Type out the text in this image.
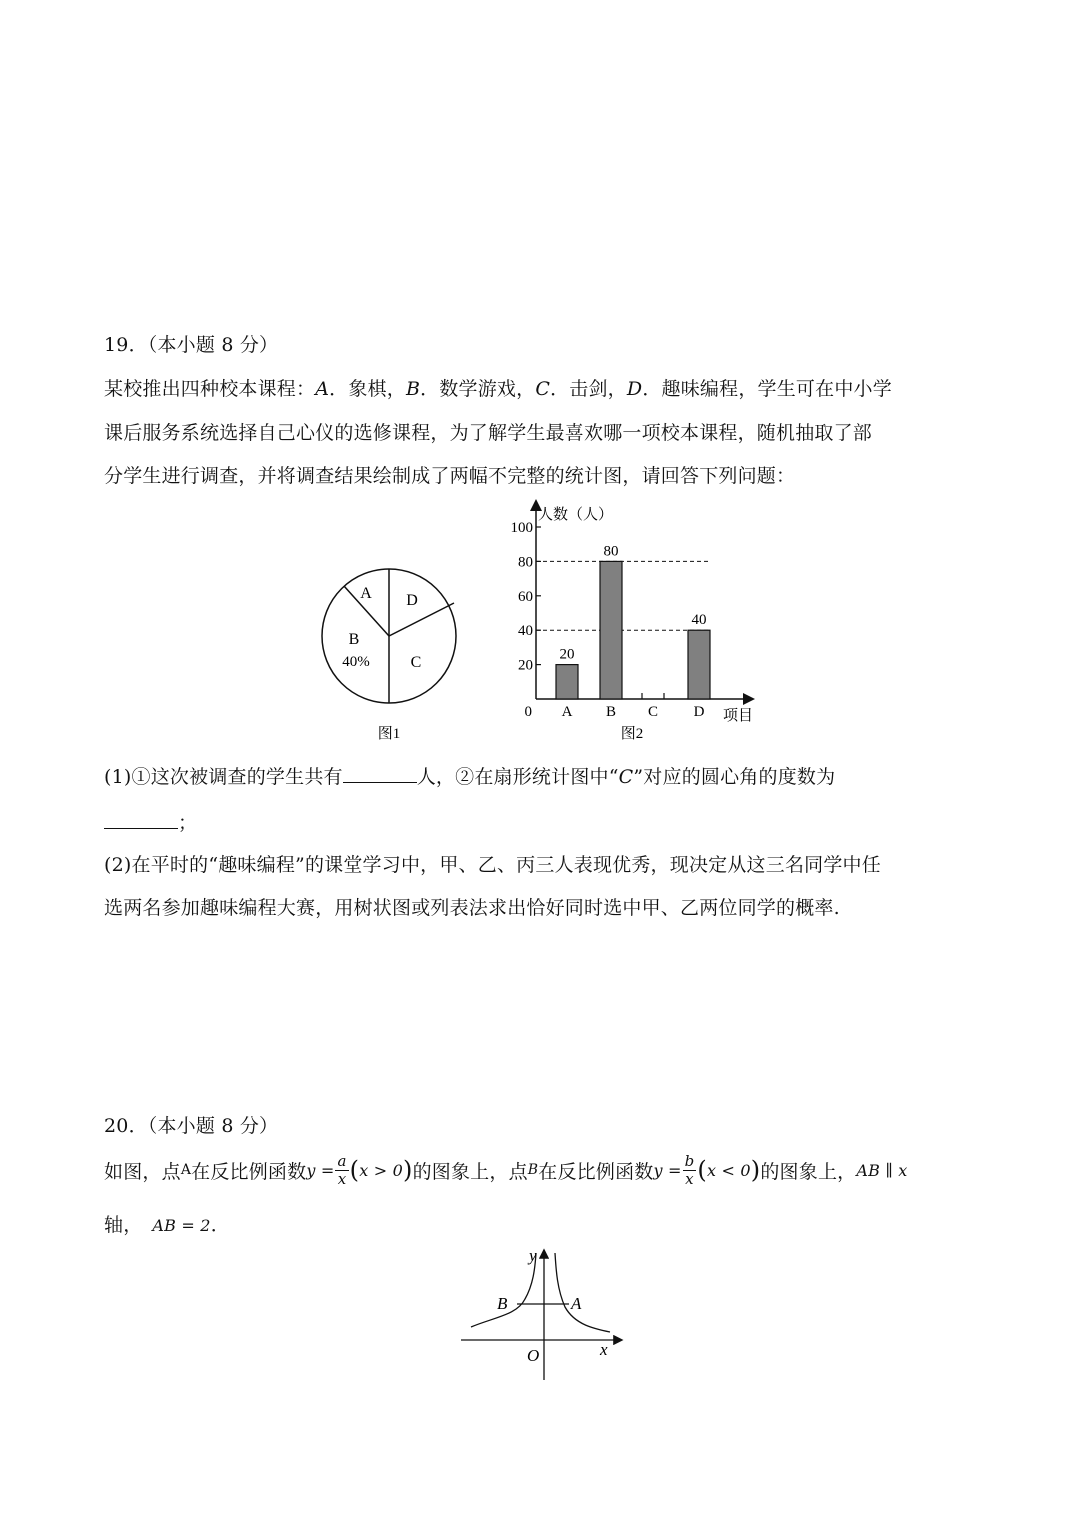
19．（本小题 8 分）
某校推出四种校本课程：A．象棋，B．数学游戏，C．击剑，D．趣味编程，学生可在中小学
课后服务系统选择自己心仪的选修课程，为了解学生最喜欢哪一项校本课程，随机抽取了部
分学生进行调查，并将调查结果绘制成了两幅不完整的统计图，请回答下列问题：
A D
B
40%	C
图1
人数（人）
项目
0
20
40
60
80
100
20
80
40
A B C D
图2
(1)①这次被调查的学生共有	人，②在扇形统计图中“C”对应的圆心角的度数为
；
(2)在平时的“趣味编程”的课堂学习中，甲、乙、丙三人表现优秀，现决定从这三名同学中任
选两名参加趣味编程大赛，用树状图或列表法求出恰好同时选中甲、乙两位同学的概率.
20．（本小题 8 分）
如图，点 A 在反比例函数 $y = \frac{a}{x}$ ( x > 0 ) 的图象上，点 B 在反比例函数 $y = \frac{b}{x}$ ( x < 0 ) 的图象上， AB ∥ x
轴， AB = 2．
B	A
O	x
y
